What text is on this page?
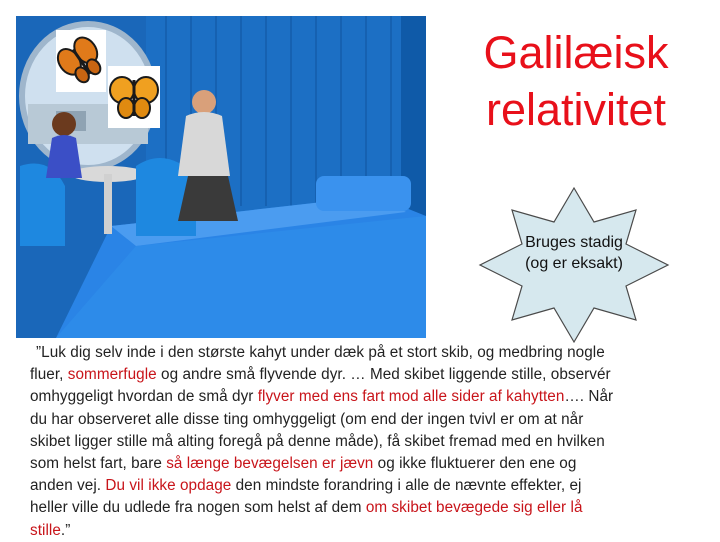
Galilæisk
relativitet
Bruges stadig
(og er eksakt)
”Luk dig selv inde i den største kahyt under dæk på et stort skib, og medbring nogle
fluer, sommerfugle og andre små flyvende dyr. … Med skibet liggende stille, observér
omhyggeligt hvordan de små dyr flyver med ens fart mod alle sider af kahytten…. Når
du har observeret alle disse ting omhyggeligt (om end der ingen tvivl er om at når
skibet ligger stille må alting foregå på denne måde), få skibet fremad med en hvilken
som helst fart, bare så længe bevægelsen er jævn og ikke fluktuerer den ene og
anden vej. Du vil ikke opdage den mindste forandring i alle de nævnte effekter, ej
heller ville du udlede fra nogen som helst af dem om skibet bevægede sig eller lå
stille.”
